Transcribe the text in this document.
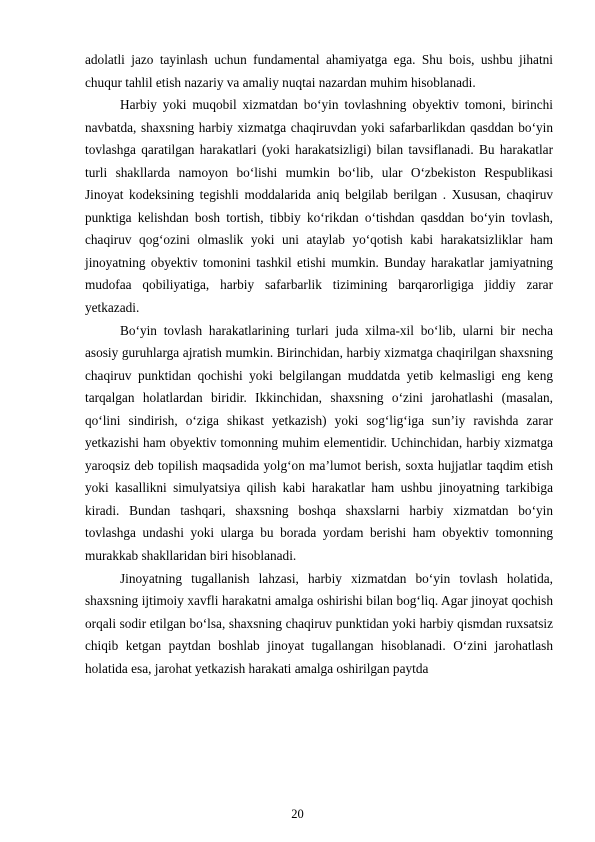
adolatli jazo tayinlash uchun fundamental ahamiyatga ega. Shu bois, ushbu jihatni chuqur tahlil etish nazariy va amaliy nuqtai nazardan muhim hisoblanadi.

Harbiy yoki muqobil xizmatdan bo‘yin tovlashning obyektiv tomoni, birinchi navbatda, shaxsning harbiy xizmatga chaqiruvdan yoki safarbarlikdan qasddan bo‘yin tovlashga qaratilgan harakatlari (yoki harakatsizligi) bilan tavsiflanadi. Bu harakatlar turli shakllarda namoyon bo‘lishi mumkin bo‘lib, ular O‘zbekiston Respublikasi Jinoyat kodeksining tegishli moddalarida aniq belgilab berilgan . Xususan, chaqiruv punktiga kelishdan bosh tortish, tibbiy ko‘rikdan o‘tishdan qasddan bo‘yin tovlash, chaqiruv qog‘ozini olmaslik yoki uni ataylab yo‘qotish kabi harakatsizliklar ham jinoyatning obyektiv tomonini tashkil etishi mumkin. Bunday harakatlar jamiyatning mudofaa qobiliyatiga, harbiy safarbarlik tizimining barqarorligiga jiddiy zarar yetkazadi.

Bo‘yin tovlash harakatlarining turlari juda xilma-xil bo‘lib, ularni bir necha asosiy guruhlarga ajratish mumkin. Birinchidan, harbiy xizmatga chaqirilgan shaxsning chaqiruv punktidan qochishi yoki belgilangan muddatda yetib kelmasligi eng keng tarqalgan holatlardan biridir. Ikkinchidan, shaxsning o‘zini jarohatlashi (masalan, qo‘lini sindirish, o‘ziga shikast yetkazish) yoki sog‘lig‘iga sun’iy ravishda zarar yetkazishi ham obyektiv tomonning muhim elementidir. Uchinchidan, harbiy xizmatga yaroqsiz deb topilish maqsadida yolg‘on ma’lumot berish, soxta hujjatlar taqdim etish yoki kasallikni simulyatsiya qilish kabi harakatlar ham ushbu jinoyatning tarkibiga kiradi. Bundan tashqari, shaxsning boshqa shaxslarni harbiy xizmatdan bo‘yin tovlashga undashi yoki ularga bu borada yordam berishi ham obyektiv tomonning murakkab shakllaridan biri hisoblanadi.

Jinoyatning tugallanish lahzasi, harbiy xizmatdan bo‘yin tovlash holatida, shaxsning ijtimoiy xavfli harakatni amalga oshirishi bilan bog‘liq. Agar jinoyat qochish orqali sodir etilgan bo‘lsa, shaxsning chaqiruv punktidan yoki harbiy qismdan ruxsatsiz chiqib ketgan paytdan boshlab jinoyat tugallangan hisoblanadi. O‘zini jarohatlash holatida esa, jarohat yetkazish harakati amalga oshirilgan paytda

20
